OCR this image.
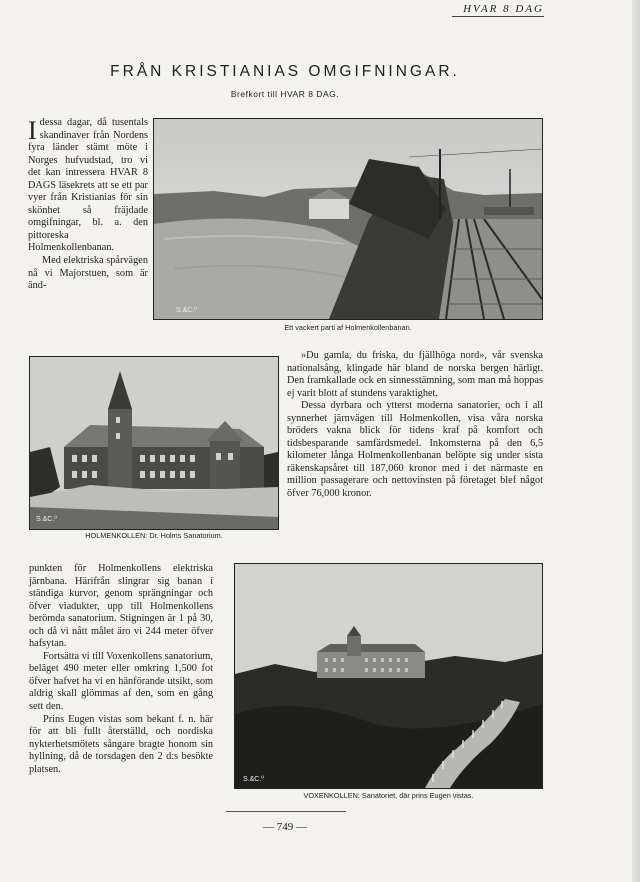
HVAR 8 DAG
FRÅN KRISTIANIAS OMGIFNINGAR.
Brefkort till HVAR 8 DAG.

Idessa dagar, då tusentals skandinaver från Nordens fyra länder stämt möte i Norges hufvudstad, tro vi det kan intressera HVAR 8 DAGS läsekrets att se ett par vyer från Kristianias för sin skönhet så fräjdade omgifningar, bl. a. den pittoreska Holmenkollenbanan.

Med elektriska spårvägen nå vi Majorstuen, som är änd-

S.&C.º
Ett vackert parti af Holmenkollenbanan.
S.&C.º
HOLMENKOLLEN: Dr. Holms Sanatorium.

»Du gamla, du friska, du fjällhöga nord», vår svenska nationalsång, klingade här bland de norska bergen härligt. Den framkallade ock en sinnesstämning, som man må hoppas ej varit blott af stundens varaktighet.

Dessa dyrbara och ytterst moderna sanatorier, och i all synnerhet järnvägen till Holmenkollen, visa våra norska bröders vakna blick för tidens kraf på komfort och tidsbesparande samfärdsmedel. Inkomsterna på den 6,5 kilometer långa Holmenkollenbanan belöpte sig under sista räkenskapsåret till 187,060 kronor med i det närmaste en million passagerare och nettovinsten på företaget blef något öfver 76,000 kronor.

punkten för Holmenkollens elektriska järnbana. Härifrån slingrar sig banan i ständiga kurvor, genom sprängningar och öfver viadukter, upp till Holmenkollens berömda sanatorium. Stigningen är 1 på 30, och då vi nått målet äro vi 244 meter öfver hafsytan.

Fortsätta vi till Voxenkollens sanatorium, beläget 490 meter eller omkring 1,500 fot öfver hafvet ha vi en hänförande utsikt, som aldrig skall glömmas af den, som en gång sett den.

Prins Eugen vistas som bekant f. n. här för att bli fullt återställd, och nordiska nykterhetsmötets sångare bragte honom sin hyllning, då de torsdagen den 2 d:s besökte platsen.

S.&C.º
VOXENKOLLEN: Sanatoriet, där prins Eugen vistas.
— 749 —
